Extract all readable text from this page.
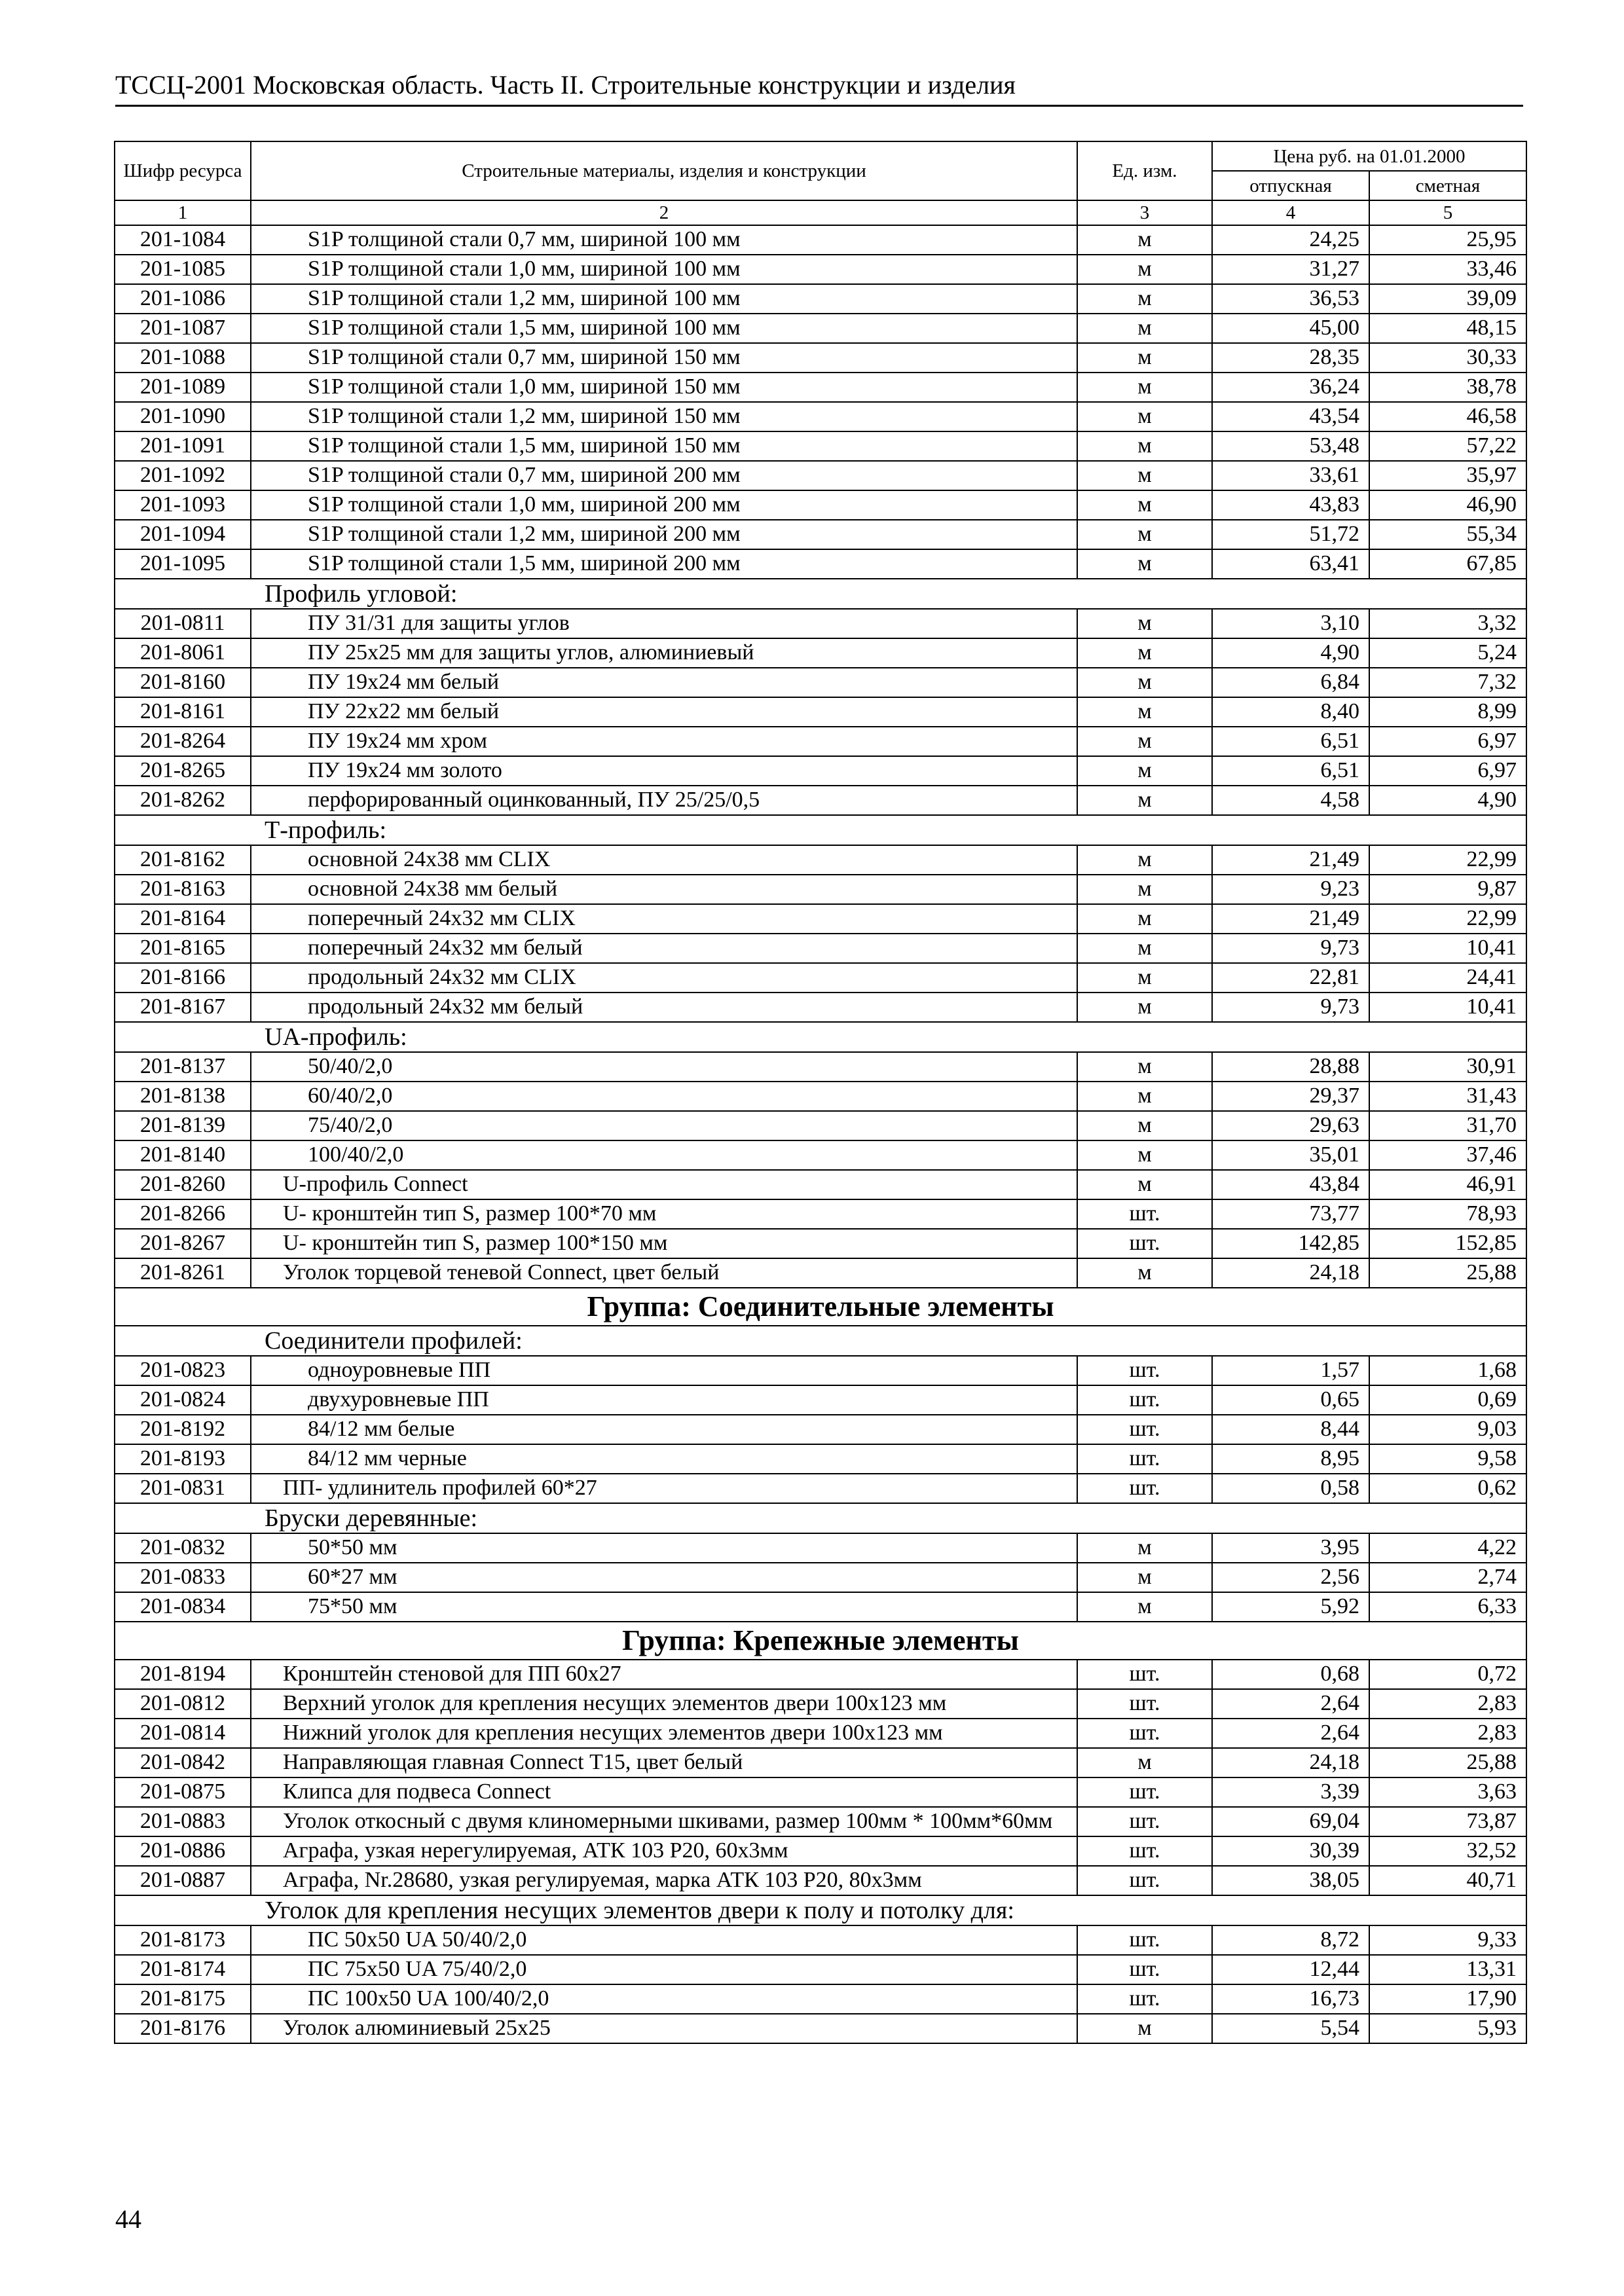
ТССЦ-2001 Московская область. Часть II. Строительные конструкции и изделия
Шифр ресурса	Строительные материалы, изделия и конструкции	Ед. изм.	Цена руб. на 01.01.2000	
			отпускная	сметная
1	2	3	4	5
201-1084	S1P толщиной стали 0,7 мм, шириной 100 мм	м	24,25	25,95
201-1085	S1P толщиной стали 1,0 мм, шириной 100 мм	м	31,27	33,46
201-1086	S1P толщиной стали 1,2 мм, шириной 100 мм	м	36,53	39,09
201-1087	S1P толщиной стали 1,5 мм, шириной 100 мм	м	45,00	48,15
201-1088	S1P толщиной стали 0,7 мм, шириной 150 мм	м	28,35	30,33
201-1089	S1P толщиной стали 1,0 мм, шириной 150 мм	м	36,24	38,78
201-1090	S1P толщиной стали 1,2 мм, шириной 150 мм	м	43,54	46,58
201-1091	S1P толщиной стали 1,5 мм, шириной 150 мм	м	53,48	57,22
201-1092	S1P толщиной стали 0,7 мм, шириной 200 мм	м	33,61	35,97
201-1093	S1P толщиной стали 1,0 мм, шириной 200 мм	м	43,83	46,90
201-1094	S1P толщиной стали 1,2 мм, шириной 200 мм	м	51,72	55,34
201-1095	S1P толщиной стали 1,5 мм, шириной 200 мм	м	63,41	67,85
Профиль угловой:				
201-0811	ПУ 31/31 для защиты углов	м	3,10	3,32
201-8061	ПУ 25х25 мм для защиты углов, алюминиевый	м	4,90	5,24
201-8160	ПУ 19х24 мм белый	м	6,84	7,32
201-8161	ПУ 22х22 мм белый	м	8,40	8,99
201-8264	ПУ 19х24 мм хром	м	6,51	6,97
201-8265	ПУ 19х24 мм золото	м	6,51	6,97
201-8262	перфорированный оцинкованный, ПУ 25/25/0,5	м	4,58	4,90
Т-профиль:				
201-8162	основной 24х38 мм CLIX	м	21,49	22,99
201-8163	основной 24х38 мм белый	м	9,23	9,87
201-8164	поперечный 24х32 мм CLIX	м	21,49	22,99
201-8165	поперечный 24х32 мм белый	м	9,73	10,41
201-8166	продольный 24х32 мм CLIX	м	22,81	24,41
201-8167	продольный 24х32 мм белый	м	9,73	10,41
UA-профиль:				
201-8137	50/40/2,0	м	28,88	30,91
201-8138	60/40/2,0	м	29,37	31,43
201-8139	75/40/2,0	м	29,63	31,70
201-8140	100/40/2,0	м	35,01	37,46
201-8260	U-профиль Connect	м	43,84	46,91
201-8266	U- кронштейн тип S, размер 100*70 мм	шт.	73,77	78,93
201-8267	U- кронштейн тип S, размер 100*150 мм	шт.	142,85	152,85
201-8261	Уголок торцевой теневой Connect, цвет белый	м	24,18	25,88
Группа: Соединительные элементы				
Соединители профилей:				
201-0823	одноуровневые ПП	шт.	1,57	1,68
201-0824	двухуровневые ПП	шт.	0,65	0,69
201-8192	84/12 мм белые	шт.	8,44	9,03
201-8193	84/12 мм черные	шт.	8,95	9,58
201-0831	ПП- удлинитель профилей 60*27	шт.	0,58	0,62
Бруски деревянные:				
201-0832	50*50 мм	м	3,95	4,22
201-0833	60*27 мм	м	2,56	2,74
201-0834	75*50 мм	м	5,92	6,33
Группа: Крепежные элементы				
201-8194	Кронштейн стеновой для ПП 60х27	шт.	0,68	0,72
201-0812	Верхний уголок для крепления несущих элементов двери 100х123 мм	шт.	2,64	2,83
201-0814	Нижний уголок для крепления несущих элементов двери 100х123 мм	шт.	2,64	2,83
201-0842	Направляющая главная Connect Т15, цвет белый	м	24,18	25,88
201-0875	Клипса для подвеса Connect	шт.	3,39	3,63
201-0883	Уголок откосный с двумя клиномерными шкивами, размер 100мм * 100мм*60мм	шт.	69,04	73,87
201-0886	Аграфа, узкая нерегулируемая, АТК 103 Р20, 60х3мм	шт.	30,39	32,52
201-0887	Аграфа, Nr.28680, узкая регулируемая, марка АТК 103 Р20, 80х3мм	шт.	38,05	40,71
Уголок для крепления несущих элементов двери к полу и потолку для:				
201-8173	ПС 50х50 UA 50/40/2,0	шт.	8,72	9,33
201-8174	ПС 75х50 UA 75/40/2,0	шт.	12,44	13,31
201-8175	ПС 100х50 UA 100/40/2,0	шт.	16,73	17,90
201-8176	Уголок алюминиевый 25х25	м	5,54	5,93
44
